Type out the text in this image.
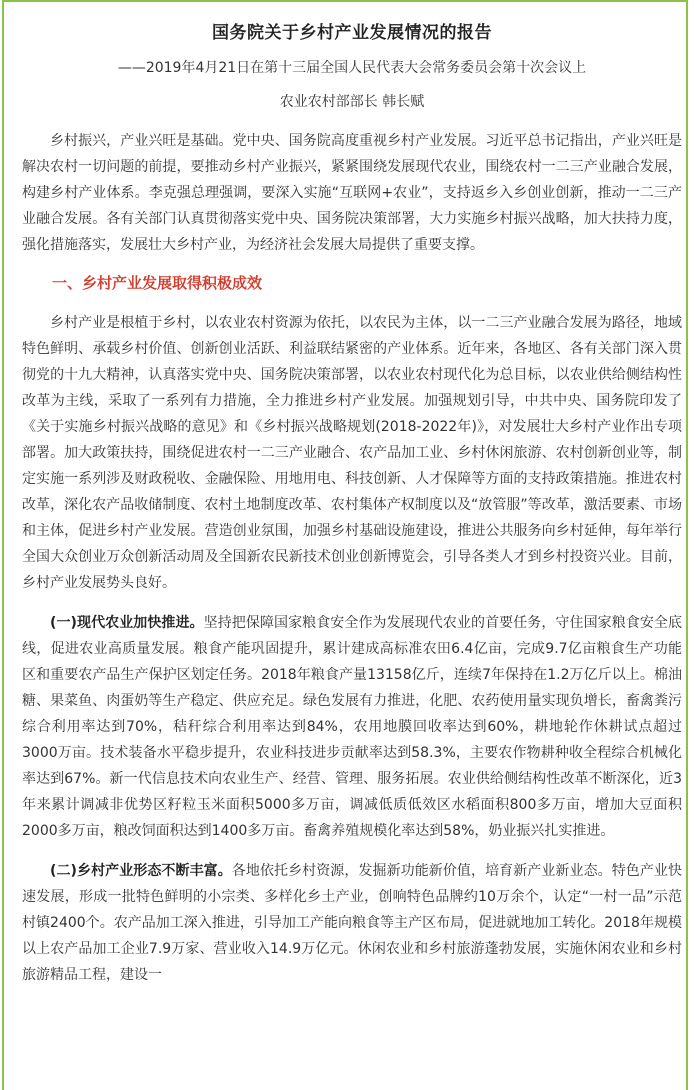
国务院关于乡村产业发展情况的报告
——2019年4月21日在第十三届全国人民代表大会常务委员会第十次会议上
农业农村部部长 韩长赋

乡村振兴，产业兴旺是基础。党中央、国务院高度重视乡村产业发展。习近平总书记指出，产业兴旺是解决农村一切问题的前提，要推动乡村产业振兴，紧紧围绕发展现代农业，围绕农村一二三产业融合发展，构建乡村产业体系。李克强总理强调，要深入实施“互联网+农业”，支持返乡入乡创业创新，推动一二三产业融合发展。各有关部门认真贯彻落实党中央、国务院决策部署，大力实施乡村振兴战略，加大扶持力度，强化措施落实，发展壮大乡村产业，为经济社会发展大局提供了重要支撑。

一、乡村产业发展取得积极成效

乡村产业是根植于乡村，以农业农村资源为依托，以农民为主体，以一二三产业融合发展为路径，地域特色鲜明、承载乡村价值、创新创业活跃、利益联结紧密的产业体系。近年来，各地区、各有关部门深入贯彻党的十九大精神，认真落实党中央、国务院决策部署，以农业农村现代化为总目标，以农业供给侧结构性改革为主线，采取了一系列有力措施，全力推进乡村产业发展。加强规划引导，中共中央、国务院印发了《关于实施乡村振兴战略的意见》和《乡村振兴战略规划(2018-2022年)》，对发展壮大乡村产业作出专项部署。加大政策扶持，围绕促进农村一二三产业融合、农产品加工业、乡村休闲旅游、农村创新创业等，制定实施一系列涉及财政税收、金融保险、用地用电、科技创新、人才保障等方面的支持政策措施。推进农村改革，深化农产品收储制度、农村土地制度改革、农村集体产权制度以及“放管服”等改革，激活要素、市场和主体，促进乡村产业发展。营造创业氛围，加强乡村基础设施建设，推进公共服务向乡村延伸，每年举行全国大众创业万众创新活动周及全国新农民新技术创业创新博览会，引导各类人才到乡村投资兴业。目前，乡村产业发展势头良好。

(一)现代农业加快推进。坚持把保障国家粮食安全作为发展现代农业的首要任务，守住国家粮食安全底线，促进农业高质量发展。粮食产能巩固提升，累计建成高标准农田6.4亿亩，完成9.7亿亩粮食生产功能区和重要农产品生产保护区划定任务。2018年粮食产量13158亿斤，连续7年保持在1.2万亿斤以上。棉油糖、果菜鱼、肉蛋奶等生产稳定、供应充足。绿色发展有力推进，化肥、农药使用量实现负增长，畜禽粪污综合利用率达到70%，秸秆综合利用率达到84%，农用地膜回收率达到60%，耕地轮作休耕试点超过3000万亩。技术装备水平稳步提升，农业科技进步贡献率达到58.3%，主要农作物耕种收全程综合机械化率达到67%。新一代信息技术向农业生产、经营、管理、服务拓展。农业供给侧结构性改革不断深化，近3年来累计调减非优势区籽粒玉米面积5000多万亩，调减低质低效区水稻面积800多万亩，增加大豆面积2000多万亩，粮改饲面积达到1400多万亩。畜禽养殖规模化率达到58%，奶业振兴扎实推进。

(二)乡村产业形态不断丰富。各地依托乡村资源，发掘新功能新价值，培育新产业新业态。特色产业快速发展，形成一批特色鲜明的小宗类、多样化乡土产业，创响特色品牌约10万余个，认定“一村一品”示范村镇2400个。农产品加工深入推进，引导加工产能向粮食等主产区布局，促进就地加工转化。2018年规模以上农产品加工企业7.9万家、营业收入14.9万亿元。休闲农业和乡村旅游蓬勃发展，实施休闲农业和乡村旅游精品工程，建设一
